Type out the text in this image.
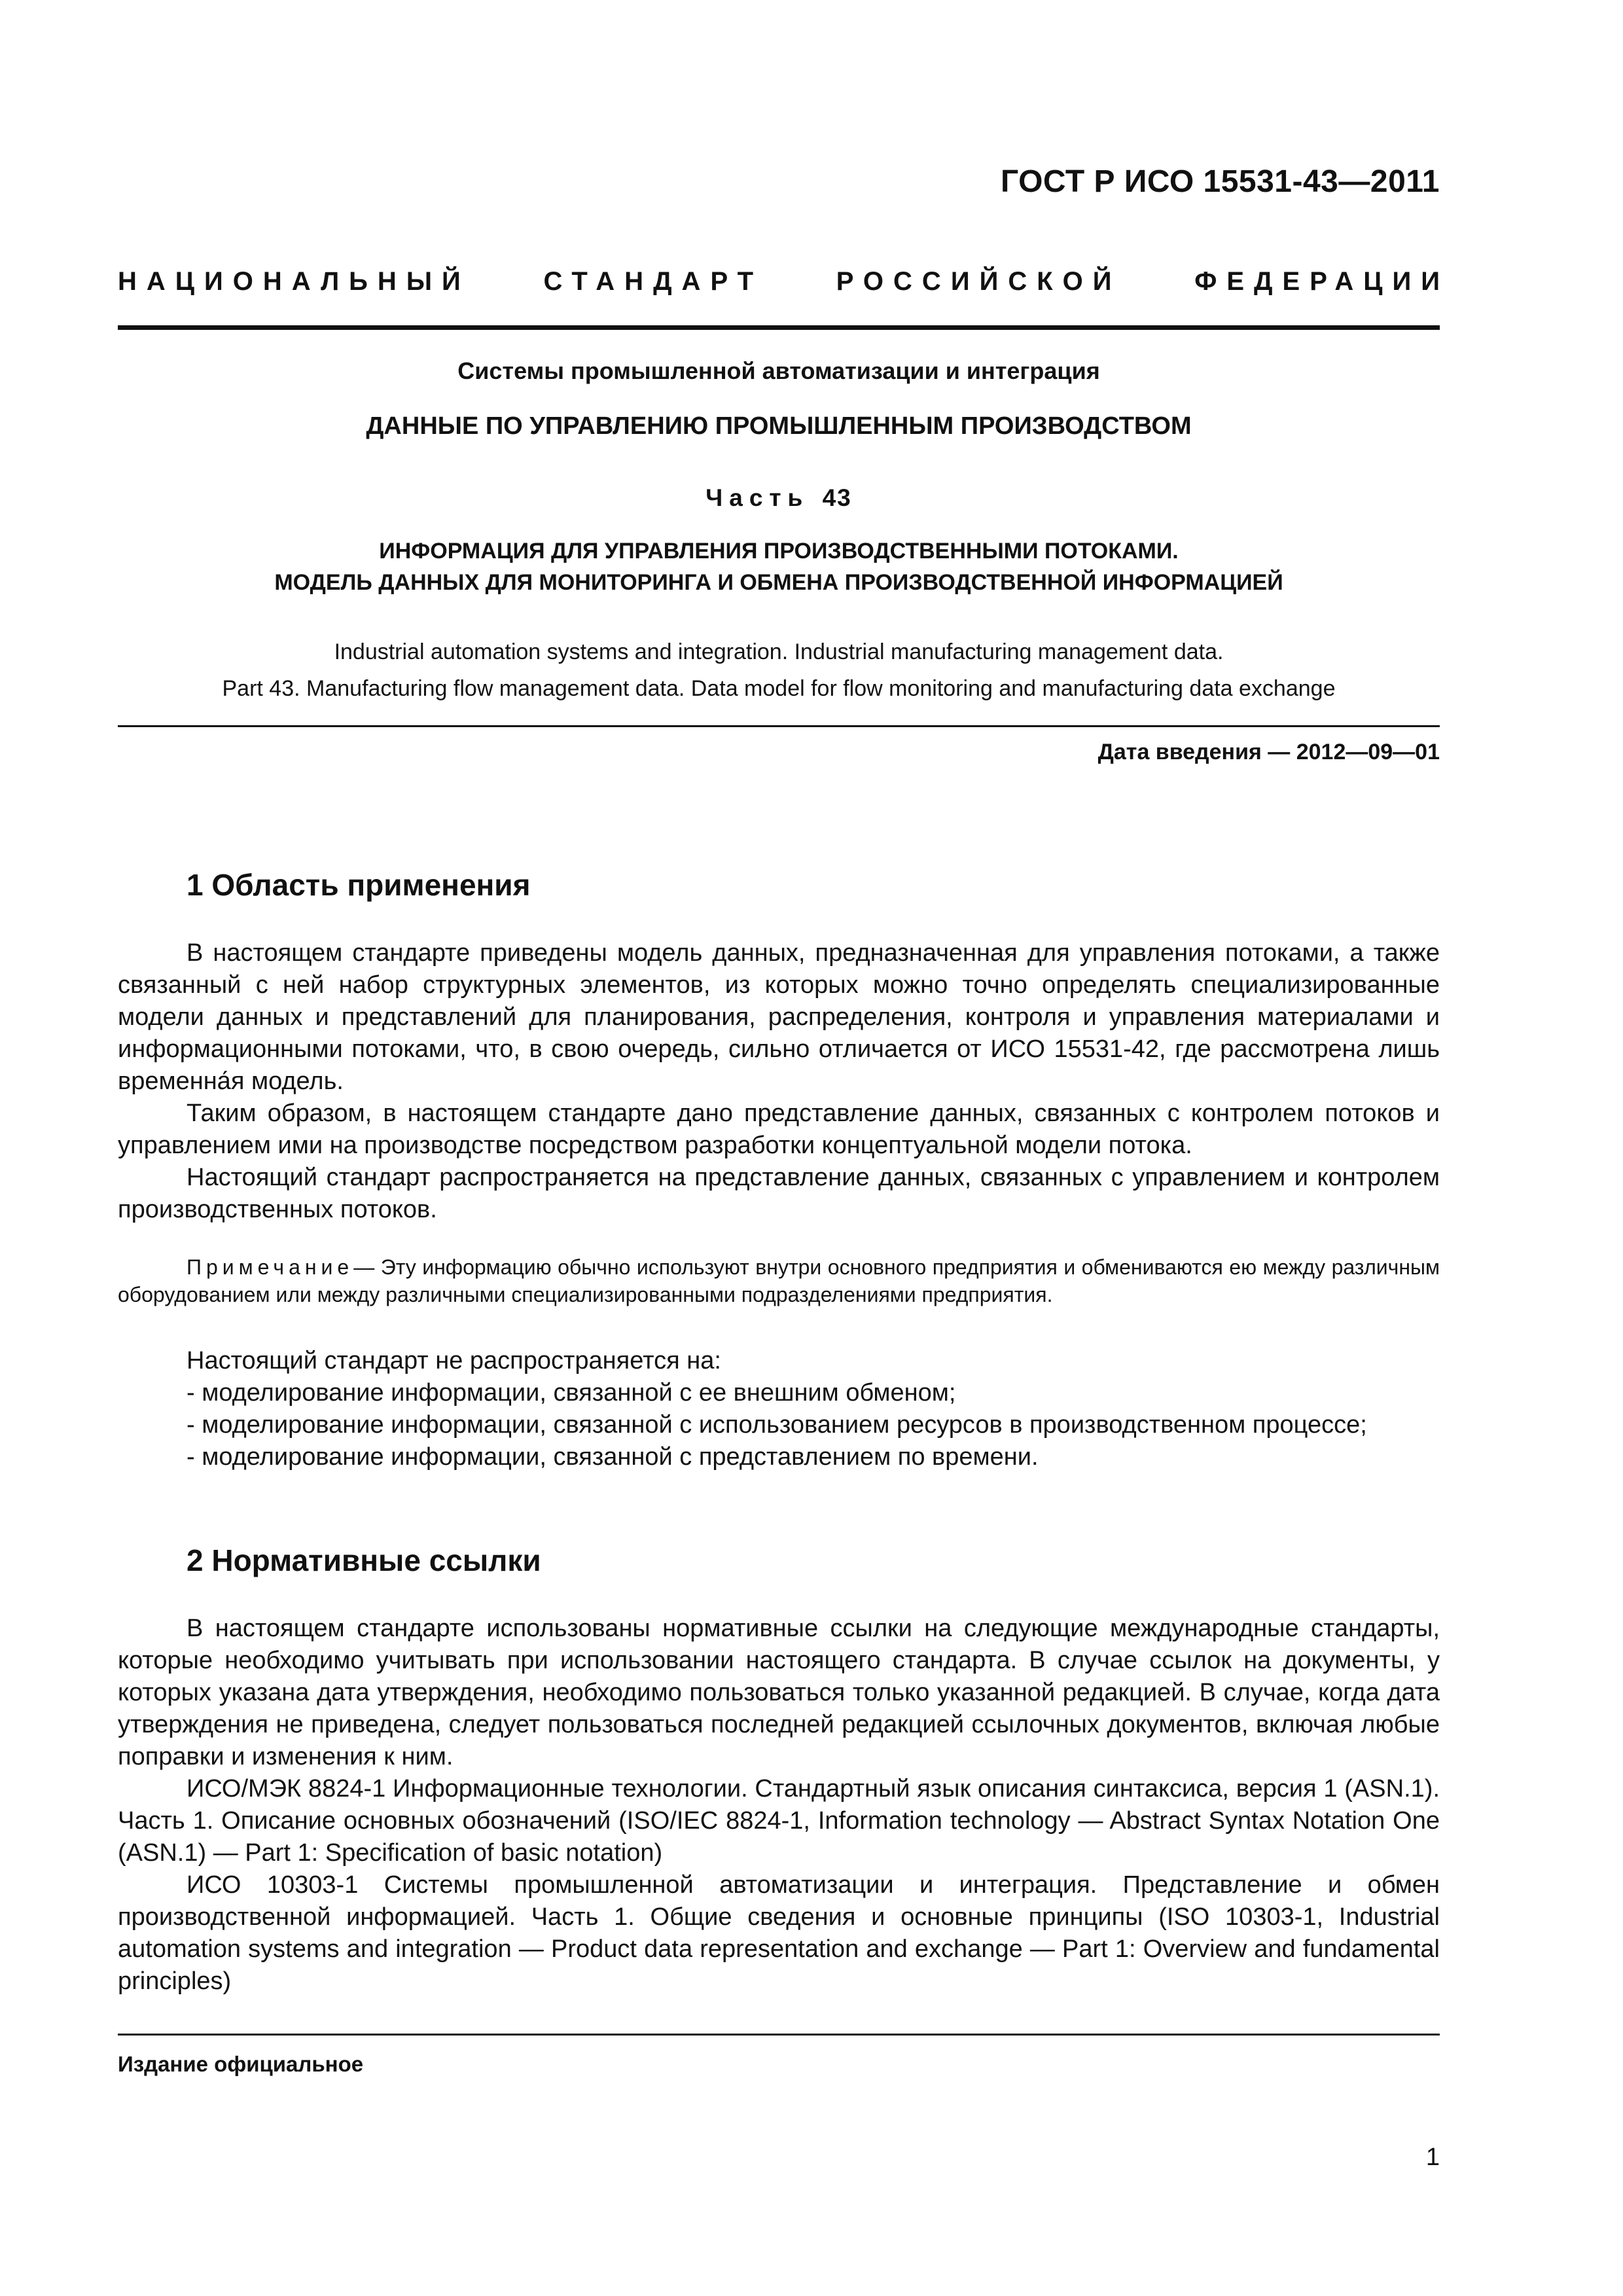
ГОСТ Р ИСО 15531-43—2011
НАЦИОНАЛЬНЫЙ	СТАНДАРТ	РОССИЙСКОЙ	ФЕДЕРАЦИИ
Системы промышленной автоматизации и интеграция
ДАННЫЕ ПО УПРАВЛЕНИЮ ПРОМЫШЛЕННЫМ ПРОИЗВОДСТВОМ
Часть 43
ИНФОРМАЦИЯ ДЛЯ УПРАВЛЕНИЯ ПРОИЗВОДСТВЕННЫМИ ПОТОКАМИ.
МОДЕЛЬ ДАННЫХ ДЛЯ МОНИТОРИНГА И ОБМЕНА ПРОИЗВОДСТВЕННОЙ ИНФОРМАЦИЕЙ
Industrial automation systems and integration. Industrial manufacturing management data.
Part 43. Manufacturing flow management data. Data model for flow monitoring and manufacturing data exchange
Дата введения — 2012—09—01
1 Область применения

В настоящем стандарте приведены модель данных, предназначенная для управления потоками, а также связанный с ней набор структурных элементов, из которых можно точно определять специализированные модели данных и представлений для планирования, распределения, контроля и управления материалами и информационными потоками, что, в свою очередь, сильно отличается от ИСО 15531-42, где рассмотрена лишь временна́я модель.

Таким образом, в настоящем стандарте дано представление данных, связанных с контролем потоков и управлением ими на производстве посредством разработки концептуальной модели потока.

Настоящий стандарт распространяется на представление данных, связанных с управлением и контролем производственных потоков.

Примечание— Эту информацию обычно используют внутри основного предприятия и обмениваются ею между различным оборудованием или между различными специализированными подразделениями предприятия.

Настоящий стандарт не распространяется на:

- моделирование информации, связанной с ее внешним обменом;

- моделирование информации, связанной с использованием ресурсов в производственном процессе;

- моделирование информации, связанной с представлением по времени.

2 Нормативные ссылки

В настоящем стандарте использованы нормативные ссылки на следующие международные стандарты, которые необходимо учитывать при использовании настоящего стандарта. В случае ссылок на документы, у которых указана дата утверждения, необходимо пользоваться только указанной редакцией. В случае, когда дата утверждения не приведена, следует пользоваться последней редакцией ссылочных документов, включая любые поправки и изменения к ним.

ИСО/МЭК 8824-1 Информационные технологии. Стандартный язык описания синтаксиса, версия 1 (ASN.1). Часть 1. Описание основных обозначений (ISO/IEC 8824-1, Information technology — Abstract Syntax Notation One (ASN.1) — Part 1: Specification of basic notation)

ИСО 10303-1 Системы промышленной автоматизации и интеграция. Представление и обмен производственной информацией. Часть 1. Общие сведения и основные принципы (ISO 10303-1, Industrial automation systems and integration — Product data representation and exchange — Part 1: Overview and fundamental principles)

Издание официальное
1
